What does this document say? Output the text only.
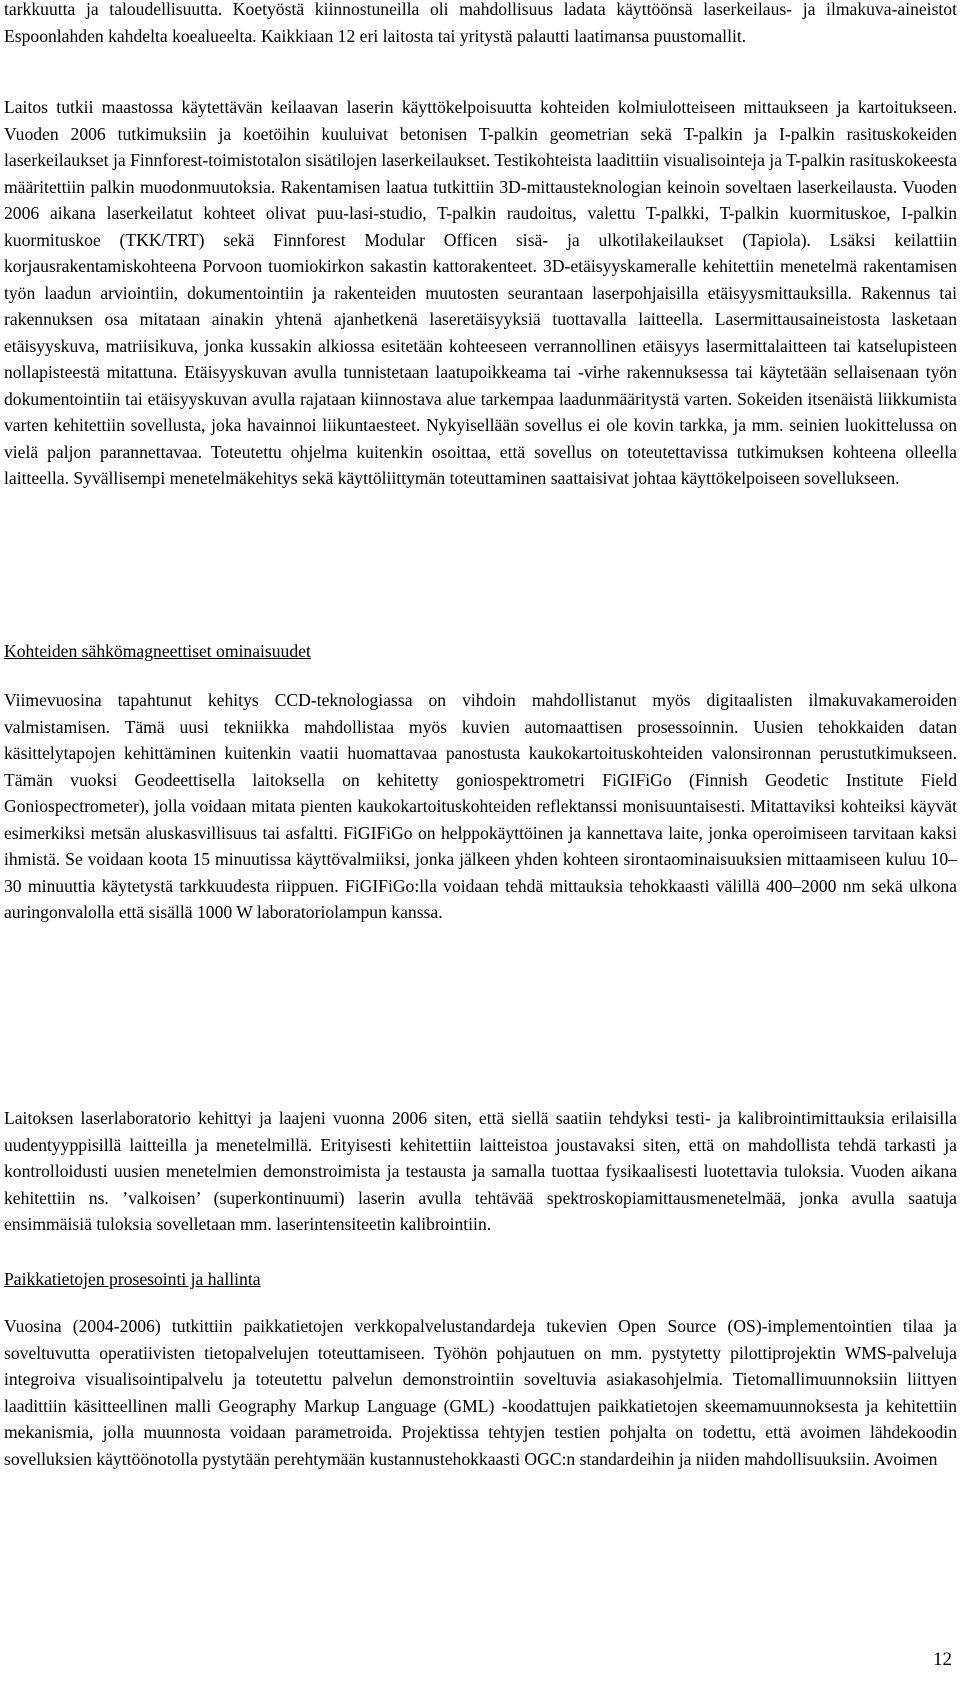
tarkkuutta ja taloudellisuutta. Koetyöstä kiinnostuneilla oli mahdollisuus ladata käyttöönsä laserkeilaus- ja ilmakuva-aineistot Espoonlahden kahdelta koealueelta. Kaikkiaan 12 eri laitosta tai yritystä palautti laatimansa puustomallit.

Laitos tutkii maastossa käytettävän keilaavan laserin käyttökelpoisuutta kohteiden kolmiulotteiseen mittaukseen ja kartoitukseen. Vuoden 2006 tutkimuksiin ja koetöihin kuuluivat betonisen T-palkin geometrian sekä T-palkin ja I-palkin rasituskokeiden laserkeilaukset ja Finnforest-toimistotalon sisätilojen laserkeilaukset. Testikohteista laadittiin visualisointeja ja T-palkin rasituskokeesta määritettiin palkin muodonmuutoksia. Rakentamisen laatua tutkittiin 3D-mittausteknologian keinoin soveltaen laserkeilausta. Vuoden 2006 aikana laserkeilatut kohteet olivat puu-lasi-studio, T-palkin raudoitus, valettu T-palkki, T-palkin kuormituskoe, I-palkin kuormituskoe (TKK/TRT) sekä Finnforest Modular Officen sisä- ja ulkotilakeilaukset (Tapiola). Lsäksi keilattiin korjausrakentamiskohteena Porvoon tuomiokirkon sakastin kattorakenteet. 3D-etäisyyskameralle kehitettiin menetelmä rakentamisen työn laadun arviointiin, dokumentointiin ja rakenteiden muutosten seurantaan laserpohjaisilla etäisyysmittauksilla. Rakennus tai rakennuksen osa mitataan ainakin yhtenä ajanhetkenä laseretäisyyksiä tuottavalla laitteella. Lasermittausaineistosta lasketaan etäisyyskuva, matriisikuva, jonka kussakin alkiossa esitetään kohteeseen verrannollinen etäisyys lasermittalaitteen tai katselupisteen nollapisteestä mitattuna. Etäisyyskuvan avulla tunnistetaan laatupoikkeama tai -virhe rakennuksessa tai käytetään sellaisenaan työn dokumentointiin tai etäisyyskuvan avulla rajataan kiinnostava alue tarkempaa laadunmääritystä varten. Sokeiden itsenäistä liikkumista varten kehitettiin sovellusta, joka havainnoi liikuntaesteet. Nykyisellään sovellus ei ole kovin tarkka, ja mm. seinien luokittelussa on vielä paljon parannettavaa. Toteutettu ohjelma kuitenkin osoittaa, että sovellus on toteutettavissa tutkimuksen kohteena olleella laitteella. Syvällisempi menetelmäkehitys sekä käyttöliittymän toteuttaminen saattaisivat johtaa käyttökelpoiseen sovellukseen.

Kohteiden sähkömagneettiset ominaisuudet

Viimevuosina tapahtunut kehitys CCD-teknologiassa on vihdoin mahdollistanut myös digitaalisten ilmakuvakameroiden valmistamisen. Tämä uusi tekniikka mahdollistaa myös kuvien automaattisen prosessoinnin. Uusien tehokkaiden datan käsittelytapojen kehittäminen kuitenkin vaatii huomattavaa panostusta kaukokartoituskohteiden valonsironnan perustutkimukseen. Tämän vuoksi Geodeettisella laitoksella on kehitetty goniospektrometri FiGIFiGo (Finnish Geodetic Institute Field Goniospectrometer), jolla voidaan mitata pienten kaukokartoituskohteiden reflektanssi monisuuntaisesti. Mitattaviksi kohteiksi käyvät esimerkiksi metsän aluskasvillisuus tai asfaltti. FiGIFiGo on helppokäyttöinen ja kannettava laite, jonka operoimiseen tarvitaan kaksi ihmistä. Se voidaan koota 15 minuutissa käyttövalmiiksi, jonka jälkeen yhden kohteen sirontaominaisuuksien mittaamiseen kuluu 10–30 minuuttia käytetystä tarkkuudesta riippuen. FiGIFiGo:lla voidaan tehdä mittauksia tehokkaasti välillä 400–2000 nm sekä ulkona auringonvalolla että sisällä 1000 W laboratoriolampun kanssa.

Laitoksen laserlaboratorio kehittyi ja laajeni vuonna 2006 siten, että siellä saatiin tehdyksi testi- ja kalibrointimittauksia erilaisilla uudentyyppisillä laitteilla ja menetelmillä. Erityisesti kehitettiin laitteistoa joustavaksi siten, että on mahdollista tehdä tarkasti ja kontrolloidusti uusien menetelmien demonstroimista ja testausta ja samalla tuottaa fysikaalisesti luotettavia tuloksia. Vuoden aikana kehitettiin ns. ’valkoisen’ (superkontinuumi) laserin avulla tehtävää spektroskopiamittausmenetelmää, jonka avulla saatuja ensimmäisiä tuloksia sovelletaan mm. laserintensiteetin kalibrointiin.

Paikkatietojen prosesointi ja hallinta

Vuosina (2004-2006) tutkittiin paikkatietojen verkkopalvelustandardeja tukevien Open Source (OS)-implementointien tilaa ja soveltuvutta operatiivisten tietopalvelujen toteuttamiseen. Työhön pohjautuen on mm. pystytetty pilottiprojektin WMS-palveluja integroiva visualisointipalvelu ja toteutettu palvelun demonstrointiin soveltuvia asiakasohjelmia. Tietomallimuunnoksiin liittyen laadittiin käsitteellinen malli Geography Markup Language (GML) -koodattujen paikkatietojen skeemamuunnoksesta ja kehitettiin mekanismia, jolla muunnosta voidaan parametroida. Projektissa tehtyjen testien pohjalta on todettu, että avoimen lähdekoodin sovelluksien käyttöönotolla pystytään perehtymään kustannustehokkaasti OGC:n standardeihin ja niiden mahdollisuuksiin. Avoimen

12
